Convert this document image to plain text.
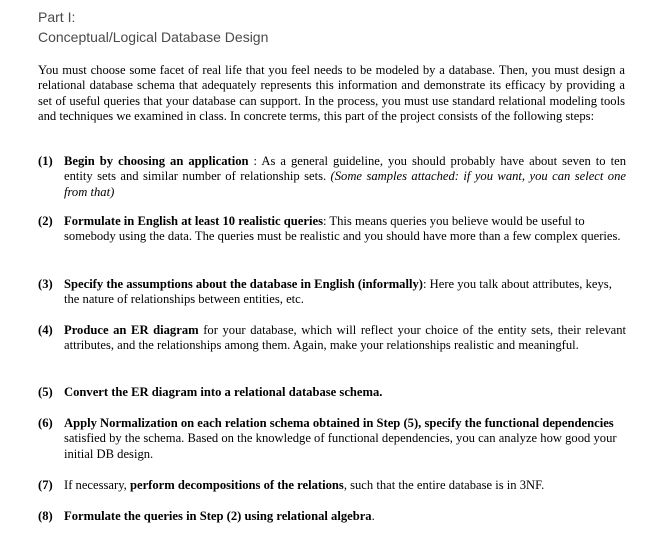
Part I:

Conceptual/Logical Database Design

You must choose some facet of real life that you feel needs to be modeled by a database. Then, you must design a relational database schema that adequately represents this information and demonstrate its efficacy by providing a set of useful queries that your database can support. In the process, you must use standard relational modeling tools and techniques we examined in class. In concrete terms, this part of the project consists of the following steps:

(1) Begin by choosing an application : As a general guideline, you should probably have about seven to ten entity sets and similar number of relationship sets. (Some samples attached: if you want, you can select one from that)
(2) Formulate in English at least 10 realistic queries: This means queries you believe would be useful to somebody using the data. The queries must be realistic and you should have more than a few complex queries.
(3) Specify the assumptions about the database in English (informally): Here you talk about attributes, keys, the nature of relationships between entities, etc.
(4) Produce an ER diagram for your database, which will reflect your choice of the entity sets, their relevant attributes, and the relationships among them. Again, make your relationships realistic and meaningful.
(5) Convert the ER diagram into a relational database schema.
(6) Apply Normalization on each relation schema obtained in Step (5), specify the functional dependencies satisfied by the schema. Based on the knowledge of functional dependencies, you can analyze how good your initial DB design.
(7) If necessary, perform decompositions of the relations, such that the entire database is in 3NF.
(8) Formulate the queries in Step (2) using relational algebra.
